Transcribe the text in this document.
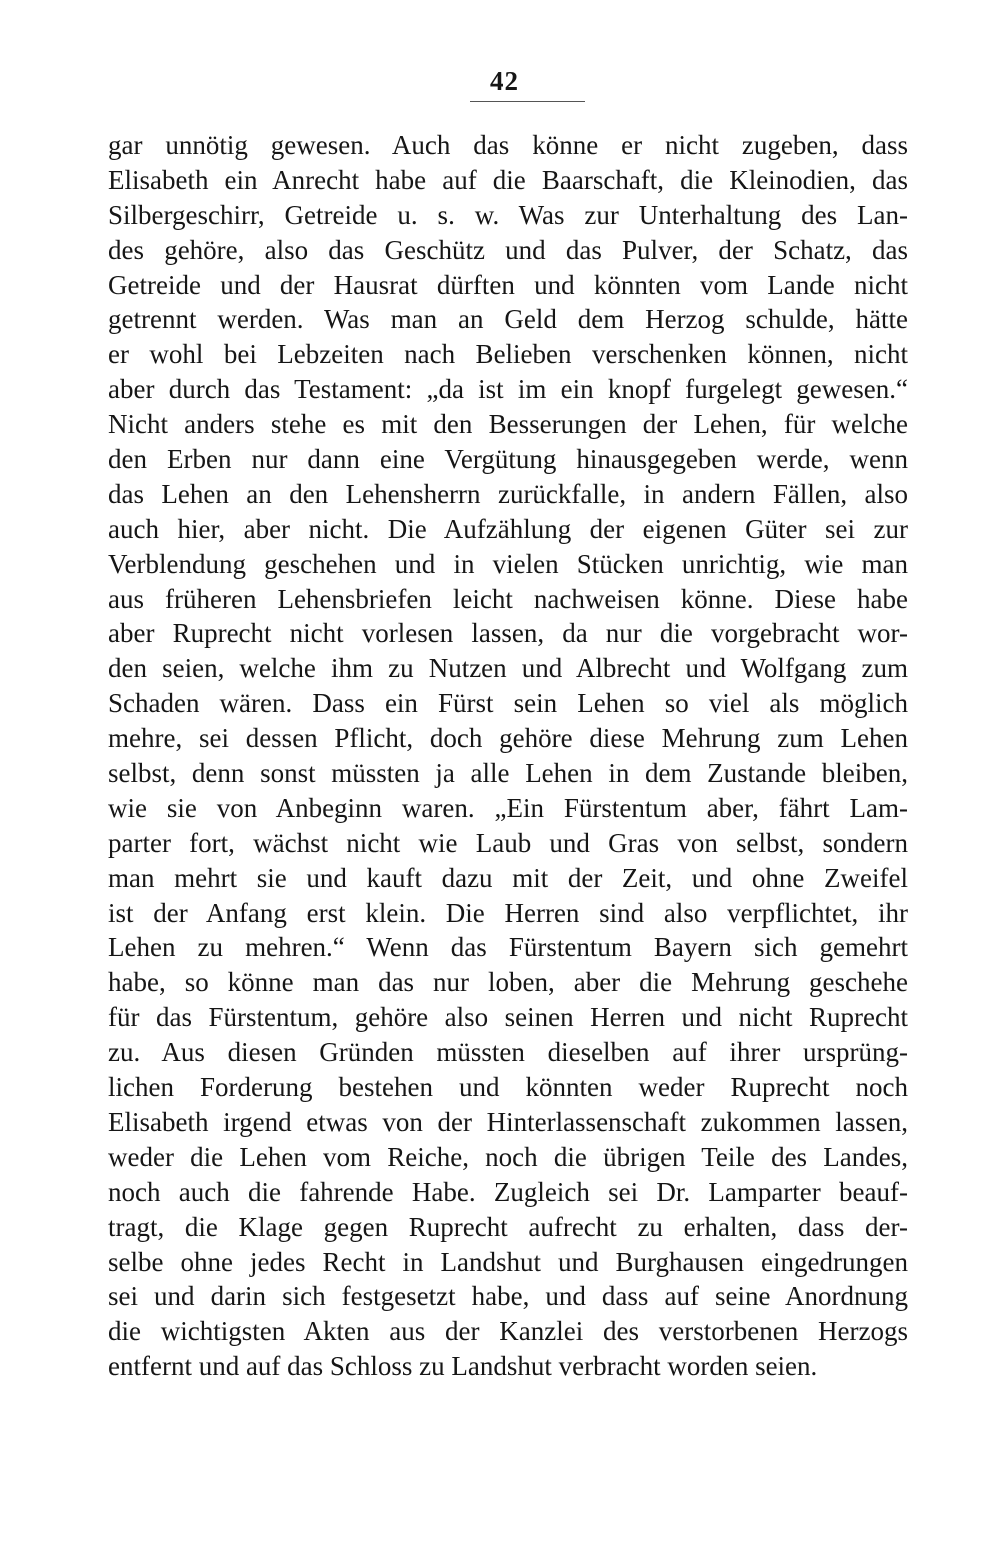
42
gar unnötig gewesen. Auch das könne er nicht zugeben, dass
Elisabeth ein Anrecht habe auf die Baarschaft, die Kleinodien, das
Silbergeschirr, Getreide u. s. w. Was zur Unterhaltung des Lan-
des gehöre, also das Geschütz und das Pulver, der Schatz, das
Getreide und der Hausrat dürften und könnten vom Lande nicht
getrennt werden. Was man an Geld dem Herzog schulde, hätte
er wohl bei Lebzeiten nach Belieben verschenken können, nicht
aber durch das Testament: „da ist im ein knopf furgelegt gewesen.“
Nicht anders stehe es mit den Besserungen der Lehen, für welche
den Erben nur dann eine Vergütung hinausgegeben werde, wenn
das Lehen an den Lehensherrn zurückfalle, in andern Fällen, also
auch hier, aber nicht. Die Aufzählung der eigenen Güter sei zur
Verblendung geschehen und in vielen Stücken unrichtig, wie man
aus früheren Lehensbriefen leicht nachweisen könne. Diese habe
aber Ruprecht nicht vorlesen lassen, da nur die vorgebracht wor-
den seien, welche ihm zu Nutzen und Albrecht und Wolfgang zum
Schaden wären. Dass ein Fürst sein Lehen so viel als möglich
mehre, sei dessen Pflicht, doch gehöre diese Mehrung zum Lehen
selbst, denn sonst müssten ja alle Lehen in dem Zustande bleiben,
wie sie von Anbeginn waren. „Ein Fürstentum aber, fährt Lam-
parter fort, wächst nicht wie Laub und Gras von selbst, sondern
man mehrt sie und kauft dazu mit der Zeit, und ohne Zweifel
ist der Anfang erst klein. Die Herren sind also verpflichtet, ihr
Lehen zu mehren.“ Wenn das Fürstentum Bayern sich gemehrt
habe, so könne man das nur loben, aber die Mehrung geschehe
für das Fürstentum, gehöre also seinen Herren und nicht Ruprecht
zu. Aus diesen Gründen müssten dieselben auf ihrer ursprüng-
lichen Forderung bestehen und könnten weder Ruprecht noch
Elisabeth irgend etwas von der Hinterlassenschaft zukommen lassen,
weder die Lehen vom Reiche, noch die übrigen Teile des Landes,
noch auch die fahrende Habe. Zugleich sei Dr. Lamparter beauf-
tragt, die Klage gegen Ruprecht aufrecht zu erhalten, dass der-
selbe ohne jedes Recht in Landshut und Burghausen eingedrungen
sei und darin sich festgesetzt habe, und dass auf seine Anordnung
die wichtigsten Akten aus der Kanzlei des verstorbenen Herzogs
entfernt und auf das Schloss zu Landshut verbracht worden seien.
